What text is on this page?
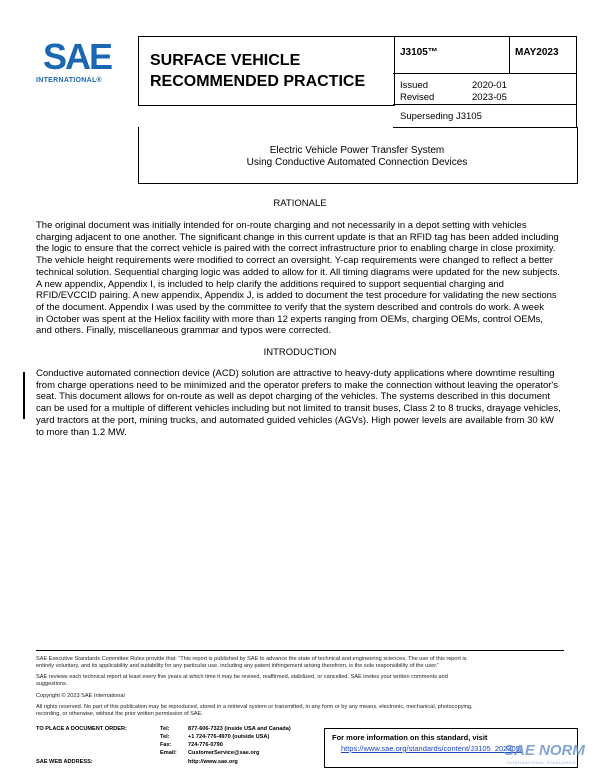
SAE
INTERNATIONAL®
SURFACE VEHICLE
RECOMMENDED PRACTICE
J3105™	MAY2023
Issued	2020-01
Revised	2023-05
Superseding J3105
Electric Vehicle Power Transfer System
Using Conductive Automated Connection Devices
RATIONALE
The original document was initially intended for on-route charging and not necessarily in a depot setting with vehicles
charging adjacent to one another. The significant change in this current update is that an RFID tag has been added including
the logic to ensure that the correct vehicle is paired with the correct infrastructure prior to enabling charge in close proximity.
The vehicle height requirements were modified to correct an oversight. Y-cap requirements were changed to reflect a better
technical solution. Sequential charging logic was added to allow for it. All timing diagrams were updated for the new subjects.
A new appendix, Appendix I, is included to help clarify the additions required to support sequential charging and
RFID/EVCCID pairing. A new appendix, Appendix J, is added to document the test procedure for validating the new sections
of the document. Appendix I was used by the committee to verify that the system described and controls do work. A week
in October was spent at the Heliox facility with more than 12 experts ranging from OEMs, charging OEMs, control OEMs,
and others. Finally, miscellaneous grammar and typos were corrected.
INTRODUCTION
Conductive automated connection device (ACD) solution are attractive to heavy-duty applications where downtime resulting
from charge operations need to be minimized and the operator prefers to make the connection without leaving the operator's
seat. This document allows for on-route as well as depot charging of the vehicles. The systems described in this document
can be used for a multiple of different vehicles including but not limited to transit buses, Class 2 to 8 trucks, drayage vehicles,
yard tractors at the port, mining trucks, and automated guided vehicles (AGVs). High power levels are available from 30 kW
to more than 1.2 MW.
SAE Executive Standards Committee Rules provide that: “This report is published by SAE to advance the state of technical and engineering sciences. The use of this report is
entirely voluntary, and its applicability and suitability for any particular use, including any patent infringement arising therefrom, is the sole responsibility of the user.”
SAE reviews each technical report at least every five years at which time it may be revised, reaffirmed, stabilized, or cancelled. SAE invites your written comments and
suggestions.
Copyright © 2023 SAE International
All rights reserved. No part of this publication may be reproduced, stored in a retrieval system or transmitted, in any form or by any means, electronic, mechanical, photocopying,
recording, or otherwise, without the prior written permission of SAE.
TO PLACE A DOCUMENT ORDER:	Tel:	877-606-7323 (inside USA and Canada)
Tel:	+1 724-776-4970 (outside USA)
Fax:	724-776-0790
Email: CustomerService@sae.org
SAE WEB ADDRESS:	http://www.sae.org
For more information on this standard, visit
https://www.sae.org/standards/content/J3105_202305/
SAE NORM
INTERNATIONAL STANDARDS
